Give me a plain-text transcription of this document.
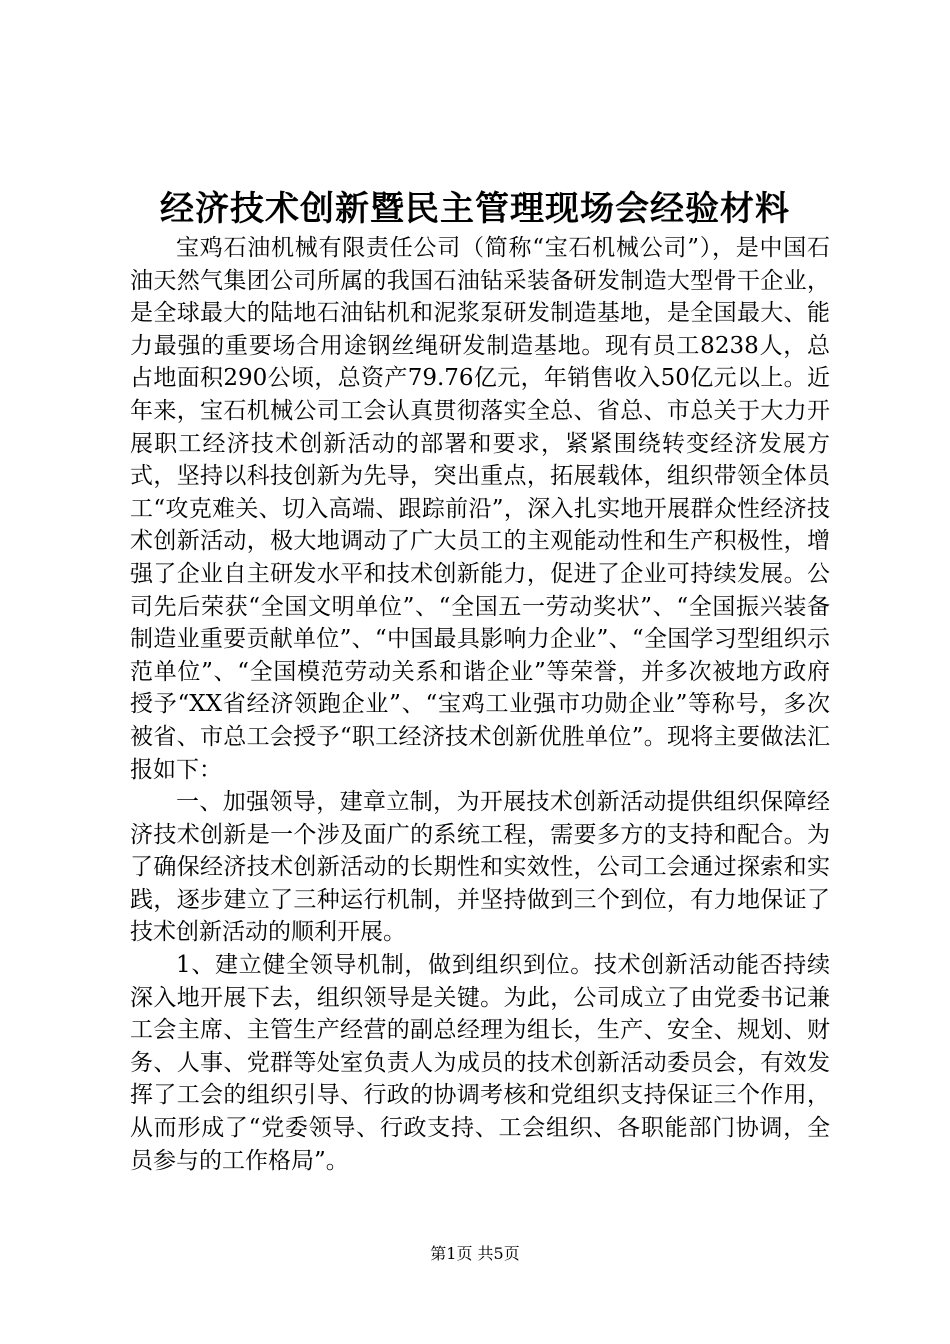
经济技术创新暨民主管理现场会经验材料

宝鸡石油机械有限责任公司（简称“宝石机械公司”），是中国石油天然气集团公司所属的我国石油钻采装备研发制造大型骨干企业，是全球最大的陆地石油钻机和泥浆泵研发制造基地，是全国最大、能力最强的重要场合用途钢丝绳研发制造基地。现有员工8238人，总占地面积290公顷，总资产79.76亿元，年销售收入50亿元以上。近年来，宝石机械公司工会认真贯彻落实全总、省总、市总关于大力开展职工经济技术创新活动的部署和要求，紧紧围绕转变经济发展方式，坚持以科技创新为先导，突出重点，拓展载体，组织带领全体员工“攻克难关、切入高端、跟踪前沿”，深入扎实地开展群众性经济技术创新活动，极大地调动了广大员工的主观能动性和生产积极性，增强了企业自主研发水平和技术创新能力，促进了企业可持续发展。公司先后荣获“全国文明单位”、“全国五一劳动奖状”、“全国振兴装备制造业重要贡献单位”、“中国最具影响力企业”、“全国学习型组织示范单位”、“全国模范劳动关系和谐企业”等荣誉，并多次被地方政府授予“XX省经济领跑企业”、“宝鸡工业强市功勋企业”等称号，多次被省、市总工会授予“职工经济技术创新优胜单位”。现将主要做法汇报如下：

一、加强领导，建章立制，为开展技术创新活动提供组织保障经济技术创新是一个涉及面广的系统工程，需要多方的支持和配合。为了确保经济技术创新活动的长期性和实效性，公司工会通过探索和实践，逐步建立了三种运行机制，并坚持做到三个到位，有力地保证了技术创新活动的顺利开展。

1、建立健全领导机制，做到组织到位。技术创新活动能否持续深入地开展下去，组织领导是关键。为此，公司成立了由党委书记兼工会主席、主管生产经营的副总经理为组长，生产、安全、规划、财务、人事、党群等处室负责人为成员的技术创新活动委员会，有效发挥了工会的组织引导、行政的协调考核和党组织支持保证三个作用，从而形成了“党委领导、行政支持、工会组织、各职能部门协调，全员参与的工作格局”。

第1页 共5页
